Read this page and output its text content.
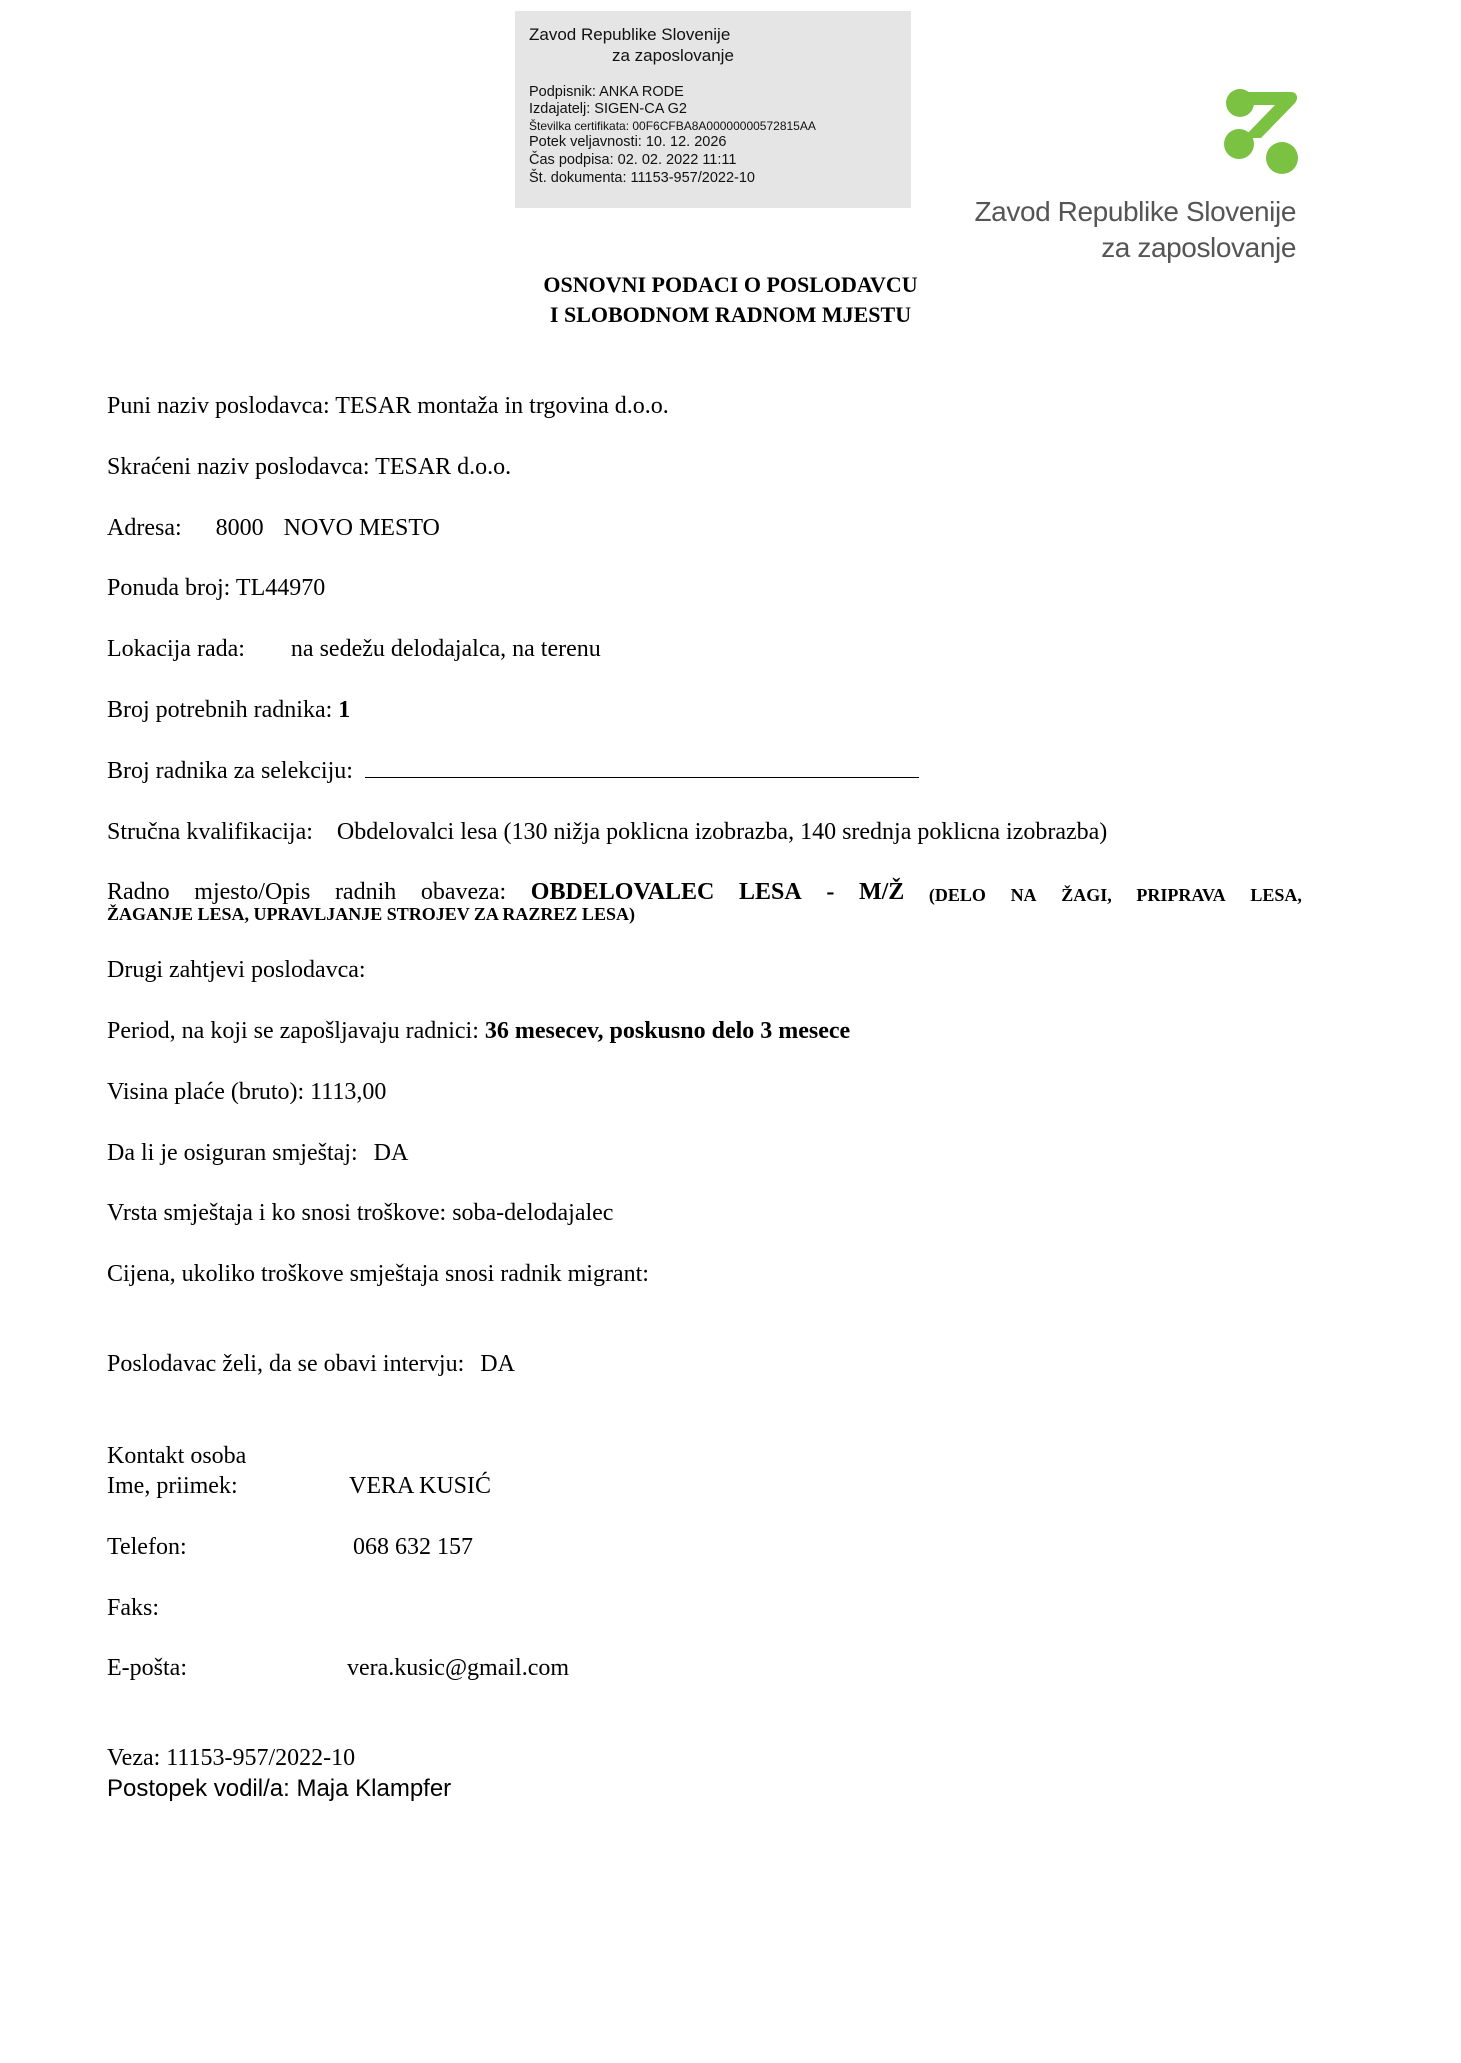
Zavod Republike Slovenije
za zaposlovanje
Podpisnik: ANKA RODE
Izdajatelj: SIGEN-CA G2
Številka certifikata: 00F6CFBA8A00000000572815AA
Potek veljavnosti: 10. 12. 2026
Čas podpisa: 02. 02. 2022 11:11
Št. dokumenta: 11153-957/2022-10
Zavod Republike Slovenije
za zaposlovanje
OSNOVNI PODACI O POSLODAVCU
I SLOBODNOM RADNOM MJESTU
Puni naziv poslodavca: TESAR montaža in trgovina d.o.o.
Skraćeni naziv poslodavca: TESAR d.o.o.
Adresa: 8000 NOVO MESTO
Ponuda broj: TL44970
Lokacija rada: na sedežu delodajalca, na terenu
Broj potrebnih radnika: 1
Broj radnika za selekciju:
Stručna kvalifikacija: Obdelovalci lesa (130 nižja poklicna izobrazba, 140 srednja poklicna izobrazba)
Radno mjesto/Opis radnih obaveza: OBDELOVALEC LESA - M/Ž (DELO NA ŽAGI, PRIPRAVA LESA,
ŽAGANJE LESA, UPRAVLJANJE STROJEV ZA RAZREZ LESA)
Drugi zahtjevi poslodavca:
Period, na koji se zapošljavaju radnici: 36 mesecev, poskusno delo 3 mesece
Visina plaće (bruto): 1113,00
Da li je osiguran smještaj: DA
Vrsta smještaja i ko snosi troškove: soba-delodajalec
Cijena, ukoliko troškove smještaja snosi radnik migrant:
Poslodavac želi, da se obavi intervju: DA
Kontakt osoba
Ime, priimek:	VERA KUSIĆ
Telefon:	068 632 157
Faks:
E-pošta:	vera.kusic@gmail.com
Veza: 11153-957/2022-10
Postopek vodil/a: Maja Klampfer
